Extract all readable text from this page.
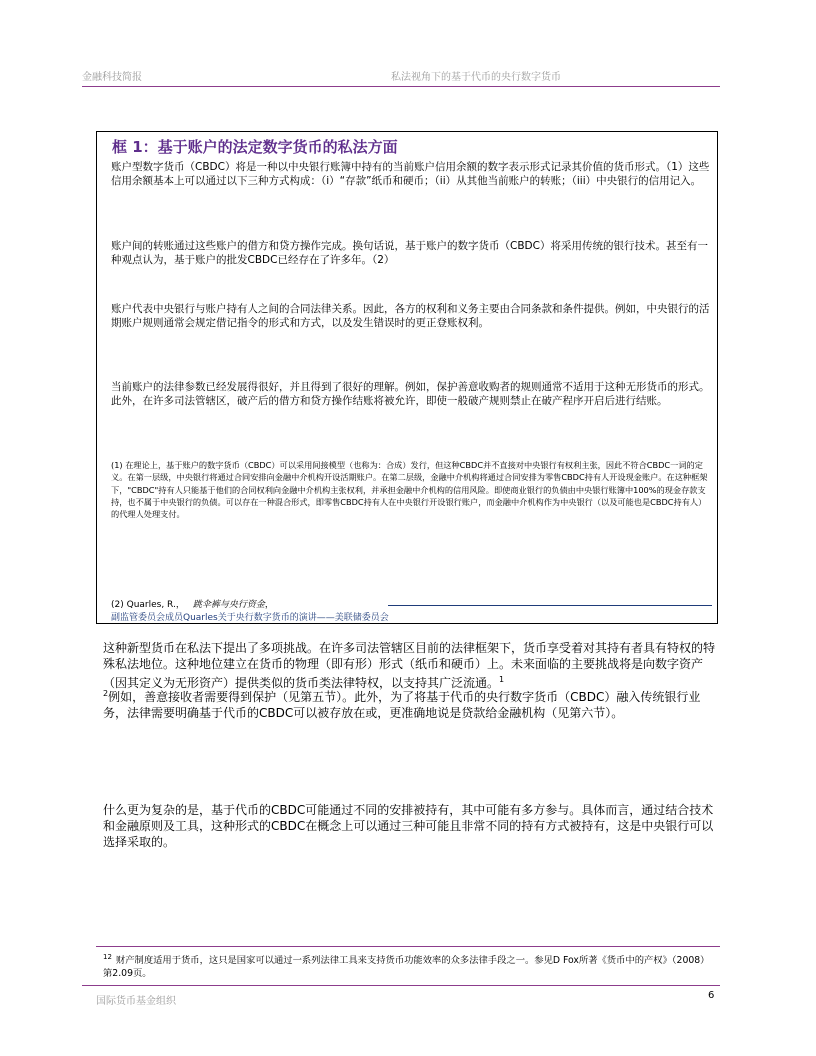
金融科技简报	私法视角下的基于代币的央行数字货币
框 1：基于账户的法定数字货币的私法方面

账户型数字货币（CBDC）将是一种以中央银行账簿中持有的当前账户信用余额的数字表示形式记录其价值的货币形式。（1）这些信用余额基本上可以通过以下三种方式构成：（i）“存款”纸币和硬币；（ii）从其他当前账户的转账；（iii）中央银行的信用记入。

账户间的转账通过这些账户的借方和贷方操作完成。换句话说，基于账户的数字货币（CBDC）将采用传统的银行技术。甚至有一种观点认为，基于账户的批发CBDC已经存在了许多年。（2）

账户代表中央银行与账户持有人之间的合同法律关系。因此，各方的权利和义务主要由合同条款和条件提供。例如，中央银行的活期账户规则通常会规定借记指令的形式和方式，以及发生错误时的更正登账权利。

当前账户的法律参数已经发展得很好，并且得到了很好的理解。例如，保护善意收购者的规则通常不适用于这种无形货币的形式。此外，在许多司法管辖区，破产后的借方和贷方操作结账将被允许，即使一般破产规则禁止在破产程序开启后进行结账。

(1) 在理论上，基于账户的数字货币（CBDC）可以采用间接模型（也称为：合成）发行，但这种CBDC并不直接对中央银行有权利主张，因此不符合CBDC一词的定义。在第一层级，中央银行将通过合同安排向金融中介机构开设活期账户。在第二层级，金融中介机构将通过合同安排为零售CBDC持有人开设现金账户。在这种框架下，"CBDC"持有人只能基于他们的合同权利向金融中介机构主张权利，并承担金融中介机构的信用风险。即使商业银行的负债由中央银行账簿中100%的现金存款支持，也不属于中央银行的负债。可以存在一种混合形式，即零售CBDC持有人在中央银行开设银行账户，而金融中介机构作为中央银行（以及可能也是CBDC持有人）的代理人处理支付。

(2) Quarles, R.， 跳伞裤与央行资金，
副监管委员会成员Quarles关于央行数字货币的演讲——美联储委员会

这种新型货币在私法下提出了多项挑战。在许多司法管辖区目前的法律框架下，货币享受着对其持有者具有特权的特殊私法地位。这种地位建立在货币的物理（即有形）形式（纸币和硬币）上。未来面临的主要挑战将是向数字资产（因其定义为无形资产）提供类似的货币类法律特权，以支持其广泛流通。$^1$

$^2$例如，善意接收者需要得到保护（见第五节）。此外，为了将基于代币的央行数字货币（CBDC）融入传统银行业务，法律需要明确基于代币的CBDC可以被存放在或，更准确地说是贷款给金融机构（见第六节）。

什么更为复杂的是，基于代币的CBDC可能通过不同的安排被持有，其中可能有多方参与。具体而言，通过结合技术和金融原则及工具，这种形式的CBDC在概念上可以通过三种可能且非常不同的持有方式被持有，这是中央银行可以选择采取的。

$^{12}$ 财产制度适用于货币，这只是国家可以通过一系列法律工具来支持货币功能效率的众多法律手段之一。参见D Fox所著《货币中的产权》（2008）第2.09页。

国际货币基金组织
6
